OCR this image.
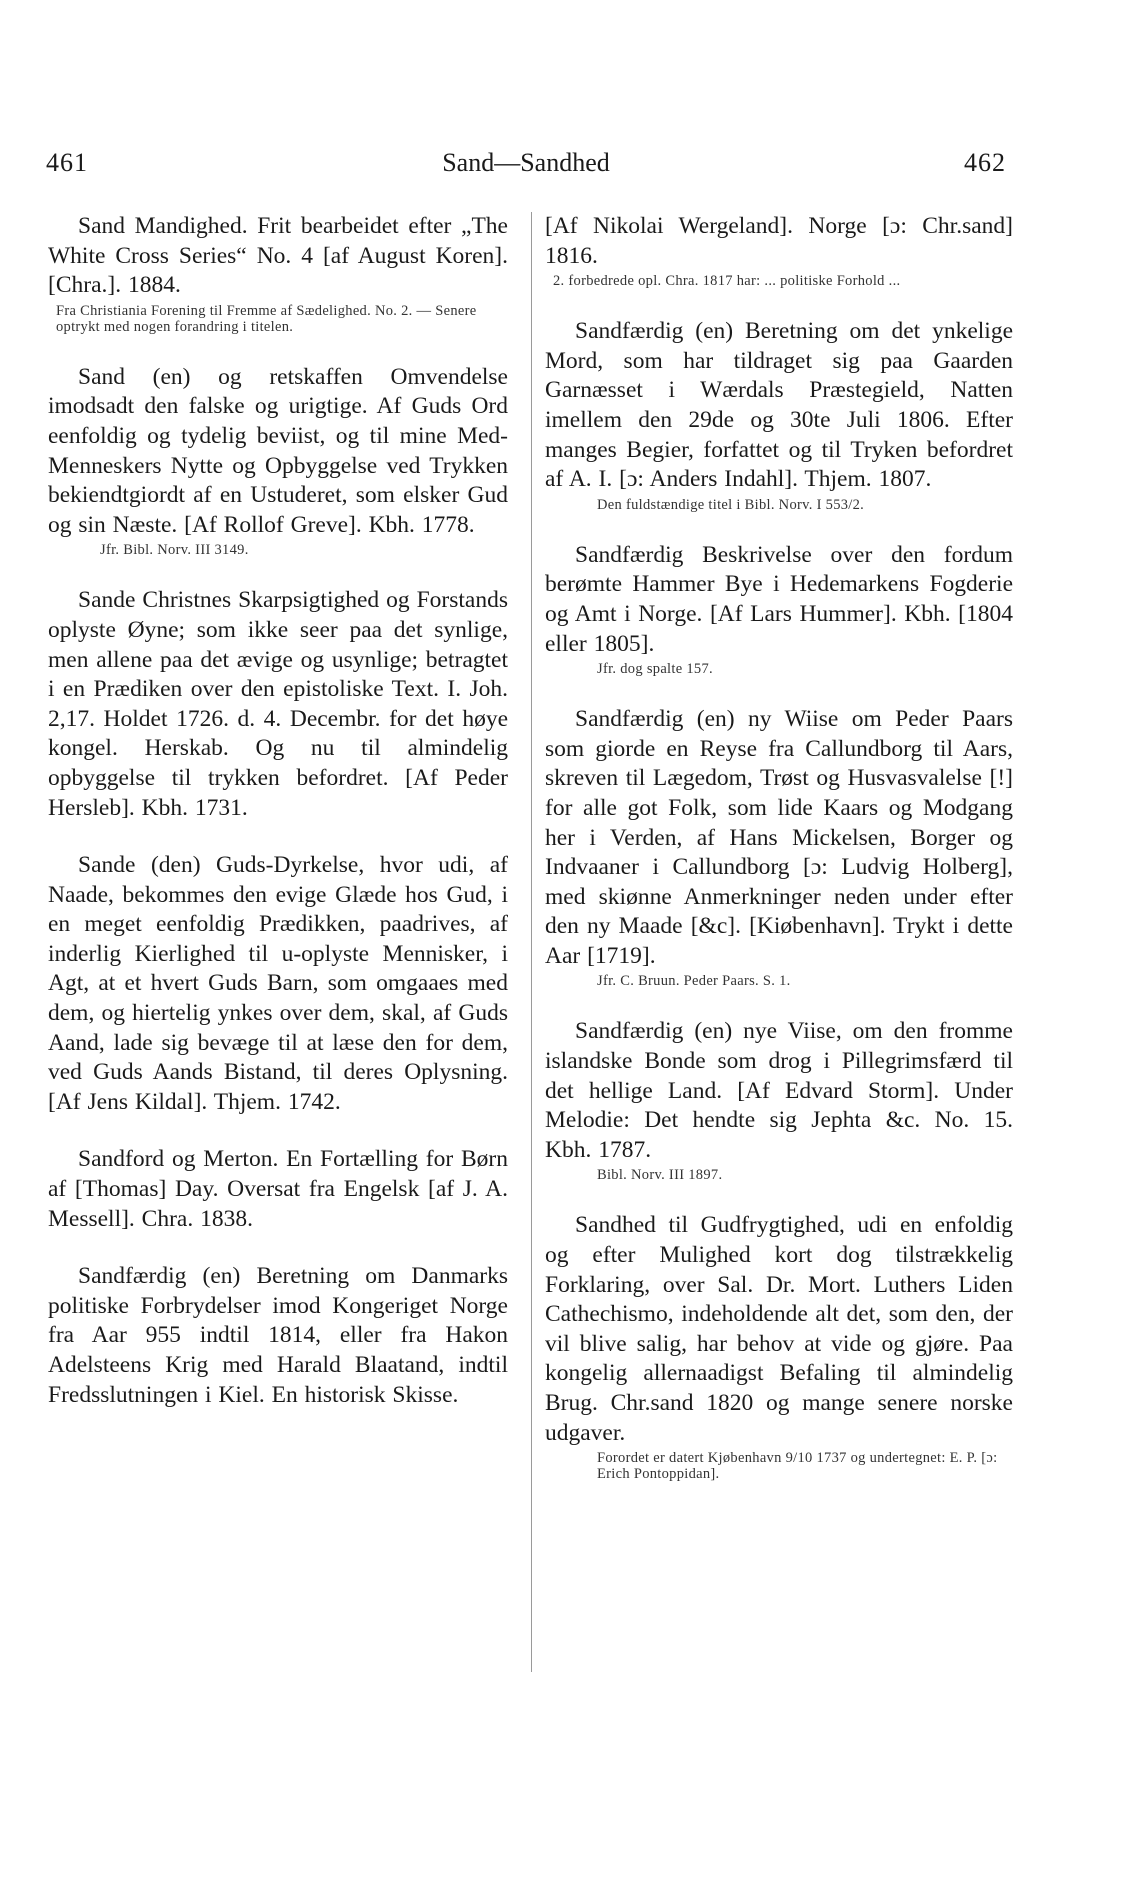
461	Sand—Sandhed	462

Sand Mandighed. Frit bearbeidet efter „The White Cross Series“ No. 4 [af August Koren]. [Chra.]. 1884.

Fra Christiania Forening til Fremme af Sædelighed. No. 2. — Senere optrykt med nogen forandring i titelen.

Sand (en) og retskaffen Omvendelse imodsadt den falske og urigtige. Af Guds Ord eenfoldig og tydelig beviist, og til mine Med-Menneskers Nytte og Opbyggelse ved Trykken bekiendtgiordt af en Ustuderet, som elsker Gud og sin Næste. [Af Rollof Greve]. Kbh. 1778.

Jfr. Bibl. Norv. III 3149.

Sande Christnes Skarpsigtighed og Forstands oplyste Øyne; som ikke seer paa det synlige, men allene paa det ævige og usynlige; betragtet i en Prædiken over den epistoliske Text. I. Joh. 2,17. Holdet 1726. d. 4. Decembr. for det høye kongel. Herskab. Og nu til almindelig opbyggelse til trykken befordret. [Af Peder Hersleb]. Kbh. 1731.

Sande (den) Guds-Dyrkelse, hvor udi, af Naade, bekommes den evige Glæde hos Gud, i en meget eenfoldig Prædikken, paadrives, af inderlig Kierlighed til u-oplyste Mennisker, i Agt, at et hvert Guds Barn, som omgaaes med dem, og hiertelig ynkes over dem, skal, af Guds Aand, lade sig bevæge til at læse den for dem, ved Guds Aands Bistand, til deres Oplysning. [Af Jens Kildal]. Thjem. 1742.

Sandford og Merton. En Fortælling for Børn af [Thomas] Day. Oversat fra Engelsk [af J. A. Messell]. Chra. 1838.

Sandfærdig (en) Beretning om Danmarks politiske Forbrydelser imod Kongeriget Norge fra Aar 955 indtil 1814, eller fra Hakon Adelsteens Krig med Harald Blaatand, indtil Fredsslutningen i Kiel. En historisk Skisse.

[Af Nikolai Wergeland]. Norge [ɔ: Chr.sand] 1816.

2. forbedrede opl. Chra. 1817 har: ... politiske Forhold ...

Sandfærdig (en) Beretning om det ynkelige Mord, som har tildraget sig paa Gaarden Garnæsset i Wærdals Præstegield, Natten imellem den 29de og 30te Juli 1806. Efter manges Begier, forfattet og til Tryken befordret af A. I. [ɔ: Anders Indahl]. Thjem. 1807.

Den fuldstændige titel i Bibl. Norv. I 553/2.

Sandfærdig Beskrivelse over den fordum berømte Hammer Bye i Hedemarkens Fogderie og Amt i Norge. [Af Lars Hummer]. Kbh. [1804 eller 1805].

Jfr. dog spalte 157.

Sandfærdig (en) ny Wiise om Peder Paars som giorde en Reyse fra Callundborg til Aars, skreven til Lægedom, Trøst og Husvasvalelse [!] for alle got Folk, som lide Kaars og Modgang her i Verden, af Hans Mickelsen, Borger og Indvaaner i Callundborg [ɔ: Ludvig Holberg], med skiønne Anmerkninger neden under efter den ny Maade [&c]. [Kiøbenhavn]. Trykt i dette Aar [1719].

Jfr. C. Bruun. Peder Paars. S. 1.

Sandfærdig (en) nye Viise, om den fromme islandske Bonde som drog i Pillegrimsfærd til det hellige Land. [Af Edvard Storm]. Under Melodie: Det hendte sig Jephta &c. No. 15. Kbh. 1787.

Bibl. Norv. III 1897.

Sandhed til Gudfrygtighed, udi en enfoldig og efter Mulighed kort dog tilstrækkelig Forklaring, over Sal. Dr. Mort. Luthers Liden Cathechismo, indeholdende alt det, som den, der vil blive salig, har behov at vide og gjøre. Paa kongelig allernaadigst Befaling til almindelig Brug. Chr.sand 1820 og mange senere norske udgaver.

Forordet er datert Kjøbenhavn 9/10 1737 og undertegnet: E. P. [ɔ: Erich Pontoppidan].
